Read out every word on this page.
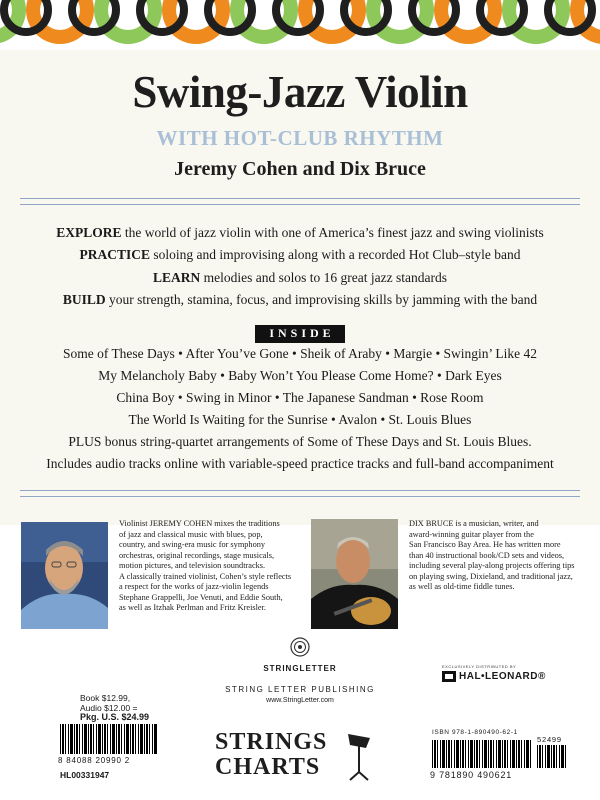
Swing-Jazz Violin
WITH HOT-CLUB RHYTHM
Jeremy Cohen and Dix Bruce
EXPLORE the world of jazz violin with one of America’s finest jazz and swing violinists
PRACTICE soloing and improvising along with a recorded Hot Club–style band
LEARN melodies and solos to 16 great jazz standards
BUILD your strength, stamina, focus, and improvising skills by jamming with the band
INSIDE
Some of These Days • After You’ve Gone • Sheik of Araby • Margie • Swingin’ Like 42
My Melancholy Baby • Baby Won’t You Please Come Home? • Dark Eyes
China Boy • Swing in Minor • The Japanese Sandman • Rose Room
The World Is Waiting for the Sunrise • Avalon • St. Louis Blues
PLUS bonus string-quartet arrangements of Some of These Days and St. Louis Blues.
Includes audio tracks online with variable-speed practice tracks and full-band accompaniment
Violinist JEREMY COHEN mixes the traditions
of jazz and classical music with blues, pop,
country, and swing-era music for symphony
orchestras, original recordings, stage musicals,
motion pictures, and television soundtracks.
A classically trained violinist, Cohen’s style reflects
a respect for the works of jazz-violin legends
Stephane Grappelli, Joe Venuti, and Eddie South,
as well as Itzhak Perlman and Fritz Kreisler.
DIX BRUCE is a musician, writer, and
award-winning guitar player from the
San Francisco Bay Area. He has written more
than 40 instructional book/CD sets and videos,
including several play-along projects offering tips
on playing swing, Dixieland, and traditional jazz,
as well as old-time fiddle tunes.
STRINGLETTER
STRING LETTER PUBLISHING
www.StringLetter.com
EXCLUSIVELY DISTRIBUTED BY
HAL•LEONARD®
Book $12.99,
Audio $12.00 =
Pkg. U.S. $24.99
8 84088 20990 2
HL00331947
STRINGS
CHARTS
ISBN 978-1-890490-62-1
52499
9 781890 490621
